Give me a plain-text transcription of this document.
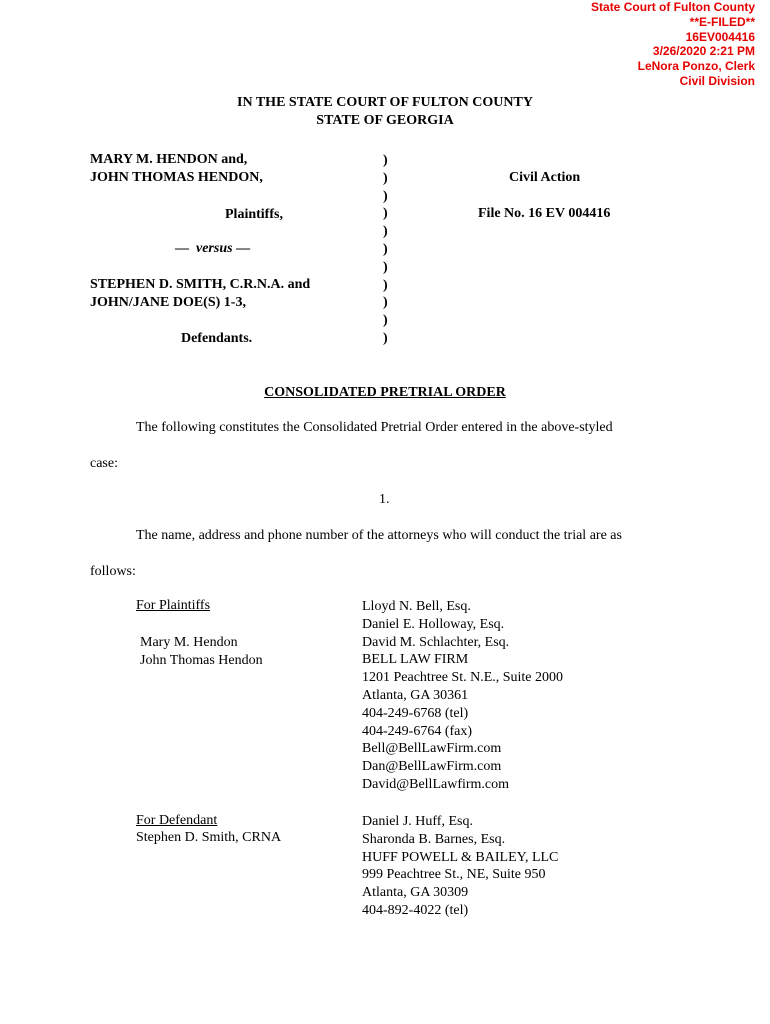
State Court of Fulton County
**E-FILED**
16EV004416
3/26/2020 2:21 PM
LeNora Ponzo, Clerk
Civil Division
IN THE STATE COURT OF FULTON COUNTY
STATE OF GEORGIA
MARY M. HENDON and,
JOHN THOMAS HENDON,
Plaintiffs,
— versus —
STEPHEN D. SMITH, C.R.N.A. and
JOHN/JANE DOE(S) 1-3,
Defendants.
)
)
)
)
)
)
)
)
)
)
)
Civil Action
File No. 16 EV 004416
CONSOLIDATED PRETRIAL ORDER
The following constitutes the Consolidated Pretrial Order entered in the above-styled
case:
1.
The name, address and phone number of the attorneys who will conduct the trial are as
follows:
For Plaintiffs
Mary M. Hendon
John Thomas Hendon
Lloyd N. Bell, Esq.
Daniel E. Holloway, Esq.
David M. Schlachter, Esq.
BELL LAW FIRM
1201 Peachtree St. N.E., Suite 2000
Atlanta, GA 30361
404-249-6768 (tel)
404-249-6764 (fax)
Bell@BellLawFirm.com
Dan@BellLawFirm.com
David@BellLawfirm.com
For Defendant
Stephen D. Smith, CRNA
Daniel J. Huff, Esq.
Sharonda B. Barnes, Esq.
HUFF POWELL & BAILEY, LLC
999 Peachtree St., NE, Suite 950
Atlanta, GA 30309
404-892-4022 (tel)
